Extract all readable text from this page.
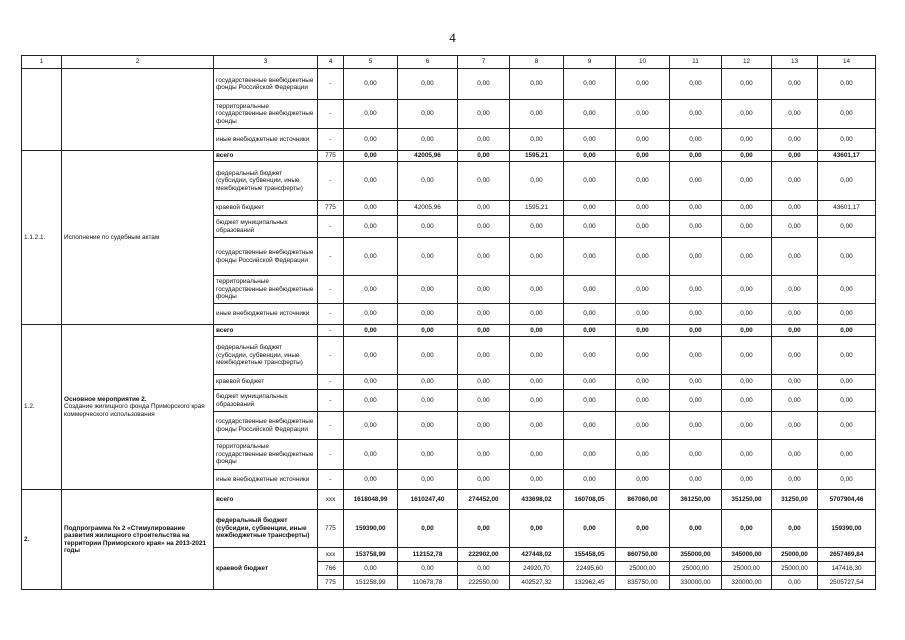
4
1	2	3	4	5	6	7	8	9	10	11	12	13	14
		государственные внебюджетные фонды Российской Федерации	-	0,00	0,00	0,00	0,00	0,00	0,00	0,00	0,00	0,00	0,00
		территориальные государственные внебюджетные фонды	-	0,00	0,00	0,00	0,00	0,00	0,00	0,00	0,00	0,00	0,00
		иные внебюджетные источники	-	0,00	0,00	0,00	0,00	0,00	0,00	0,00	0,00	0,00	0,00
1.1.2.1.	Исполнение по судебным актам	всего	775	0,00	42005,96	0,00	1595,21	0,00	0,00	0,00	0,00	0,00	43601,17
		федеральный бюджет (субсидии, субвенции, иные межбюджетные трансферты)	-	0,00	0,00	0,00	0,00	0,00	0,00	0,00	0,00	0,00	0,00
		краевой бюджет	775	0,00	42005,96	0,00	1595,21	0,00	0,00	0,00	0,00	0,00	43601,17
		бюджет муниципальных образований	-	0,00	0,00	0,00	0,00	0,00	0,00	0,00	0,00	0,00	0,00
		государственные внебюджетные фонды Российской Федерации	-	0,00	0,00	0,00	0,00	0,00	0,00	0,00	0,00	0,00	0,00
		территориальные государственные внебюджетные фонды	-	0,00	0,00	0,00	0,00	0,00	0,00	0,00	0,00	0,00	0,00
		иные внебюджетные источники	-	0,00	0,00	0,00	0,00	0,00	0,00	0,00	0,00	0,00	0,00
1.2.	Основное мероприятие 2.
Создание жилищного фонда Приморского края коммерческого использования	всего	-	0,00	0,00	0,00	0,00	0,00	0,00	0,00	0,00	0,00	0,00
		федеральный бюджет (субсидии, субвенции, иные межбюджетные трансферты)	-	0,00	0,00	0,00	0,00	0,00	0,00	0,00	0,00	0,00	0,00
		краевой бюджет	-	0,00	0,00	0,00	0,00	0,00	0,00	0,00	0,00	0,00	0,00
		бюджет муниципальных образований	-	0,00	0,00	0,00	0,00	0,00	0,00	0,00	0,00	0,00	0,00
		государственные внебюджетные фонды Российской Федерации	-	0,00	0,00	0,00	0,00	0,00	0,00	0,00	0,00	0,00	0,00
		территориальные государственные внебюджетные фонды	-	0,00	0,00	0,00	0,00	0,00	0,00	0,00	0,00	0,00	0,00
		иные внебюджетные источники	-	0,00	0,00	0,00	0,00	0,00	0,00	0,00	0,00	0,00	0,00
2.	Подпрограмма № 2 «Стимулирование развития жилищного строительства на территории Приморского края» на 2013-2021 годы	всего	xxx	1618048,99	1610247,40	274452,00	433698,02	160708,05	867060,00	361250,00	351250,00	31250,00	5707904,46
		федеральный бюджет (субсидии, субвенции, иные межбюджетные трансферты)	775	159390,00	0,00	0,00	0,00	0,00	0,00	0,00	0,00	0,00	159390,00
		краевой бюджет	xxx	153758,99	112152,78	222902,00	427448,02	155458,05	860750,00	355000,00	345000,00	25000,00	2657469,84
			766	0,00	0,00	0,00	24920,70	22495,60	25000,00	25000,00	25000,00	25000,00	147416,30
			775	151258,99	110678,78	222550,00	402527,32	132962,45	835750,00	330000,00	320000,00	0,00	2505727,54
